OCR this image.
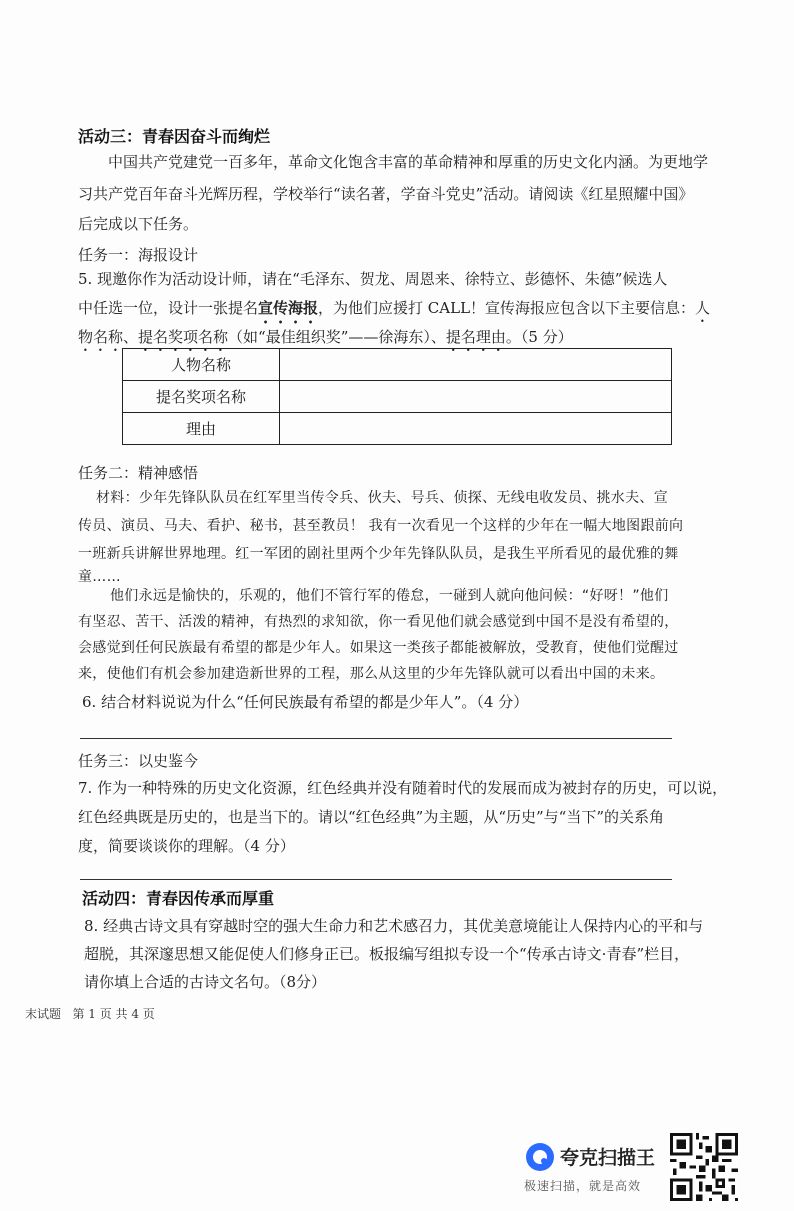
活动三：青春因奋斗而绚烂
中国共产党建党一百多年，革命文化饱含丰富的革命精神和厚重的历史文化内涵。为更地学
习共产党百年奋斗光辉历程，学校举行“读名著，学奋斗党史”活动。请阅读《红星照耀中国》
后完成以下任务。
任务一：海报设计
5. 现邀你作为活动设计师，请在“毛泽东、贺龙、周恩来、徐特立、彭德怀、朱德”候选人
中任选一位，设计一张提名宣传海报，为他们应援打 CALL！宣传海报应包含以下主要信息：人
物名称、提名奖项名称（如“最佳组织奖”——徐海东）、提名理由。（5 分）
人物名称	
提名奖项名称	
理由	
任务二：精神感悟
材料：少年先锋队队员在红军里当传令兵、伙夫、号兵、侦探、无线电收发员、挑水夫、宣
传员、演员、马夫、看护、秘书，甚至教员！ 我有一次看见一个这样的少年在一幅大地图跟前向
一班新兵讲解世界地理。红一军团的剧社里两个少年先锋队队员，是我生平所看见的最优雅的舞
童……
他们永远是愉快的，乐观的，他们不管行军的倦怠，一碰到人就向他问候：“好呀！”他们
有坚忍、苦干、活泼的精神，有热烈的求知欲，你一看见他们就会感觉到中国不是没有希望的，
会感觉到任何民族最有希望的都是少年人。如果这一类孩子都能被解放，受教育，使他们觉醒过
来，使他们有机会参加建造新世界的工程，那么从这里的少年先锋队就可以看出中国的未来。
6. 结合材料说说为什么“任何民族最有希望的都是少年人”。（4 分）
任务三：以史鉴今
7. 作为一种特殊的历史文化资源，红色经典并没有随着时代的发展而成为被封存的历史，可以说，
红色经典既是历史的，也是当下的。请以“红色经典”为主题，从“历史”与“当下”的关系角
度，简要谈谈你的理解。（4 分）
活动四：青春因传承而厚重
8. 经典古诗文具有穿越时空的强大生命力和艺术感召力，其优美意境能让人保持内心的平和与
超脱，其深邃思想又能促使人们修身正已。板报编写组拟专设一个“传承古诗文·青春”栏目，
请你填上合适的古诗文名句。（8分）
末试题   第 1 页 共 4 页
夸克扫描王
极速扫描，就是高效
